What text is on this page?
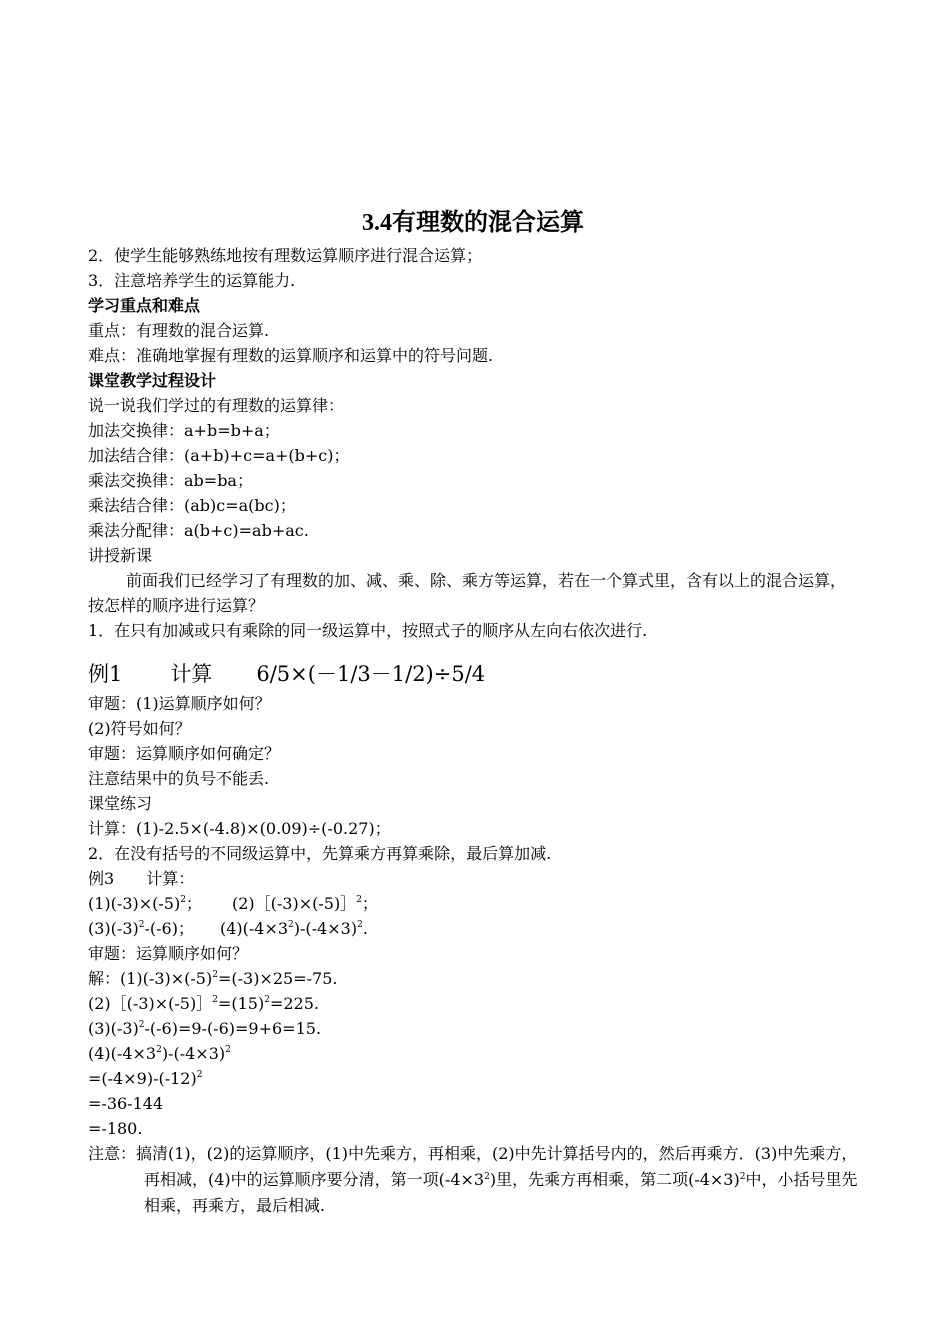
3.4有理数的混合运算
2．使学生能够熟练地按有理数运算顺序进行混合运算；
3．注意培养学生的运算能力.
学习重点和难点
重点：有理数的混合运算.
难点：准确地掌握有理数的运算顺序和运算中的符号问题.
课堂教学过程设计
说一说我们学过的有理数的运算律：
加法交换律：a+b=b+a；
加法结合律：(a+b)+c=a+(b+c)；
乘法交换律：ab=ba；
乘法结合律：(ab)c=a(bc)；
乘法分配律：a(b+c)=ab+ac.
讲授新课
前面我们已经学习了有理数的加、减、乘、除、乘方等运算，若在一个算式里，含有以上的混合运算，按怎样的顺序进行运算？
1．在只有加减或只有乘除的同一级运算中，按照式子的顺序从左向右依次进行.
例1 计算 6/5×(－1/3－1/2)÷5/4
审题：(1)运算顺序如何？
(2)符号如何？
审题：运算顺序如何确定？
注意结果中的负号不能丢.
课堂练习
计算：(1)-2.5×(-4.8)×(0.09)÷(-0.27)；
2．在没有括号的不同级运算中，先算乘方再算乘除，最后算加减.
例3 计算：
$(1)(-3)\times(-5)^2$； (2)［(-3)×(-5)］$^2$；
$(3)(-3)^2-(-6)$； $(4)(-4\times 3^2)-(-4\times 3)^2$.
审题：运算顺序如何？
解：$(1)(-3)\times(-5)^2=(-3)\times 25=-75$.
$(2)[(-3)\times(-5)]^2=(15)^2=225$.
$(3)(-3)^2-(-6)=9-(-6)=9+6=15$.
$(4)(-4\times 3^2)-(-4\times 3)^2$
$=(-4\times 9)-(-12)^2$
=-36-144
=-180.
注意：搞清(1)，(2)的运算顺序，(1)中先乘方，再相乘，(2)中先计算括号内的，然后再乘方．(3)中先乘方，再相减，(4)中的运算顺序要分清，第一项$(-4\times 3^2)$里，先乘方再相乘，第二项$(-4\times 3)^2$中，小括号里先相乘，再乘方，最后相减.
